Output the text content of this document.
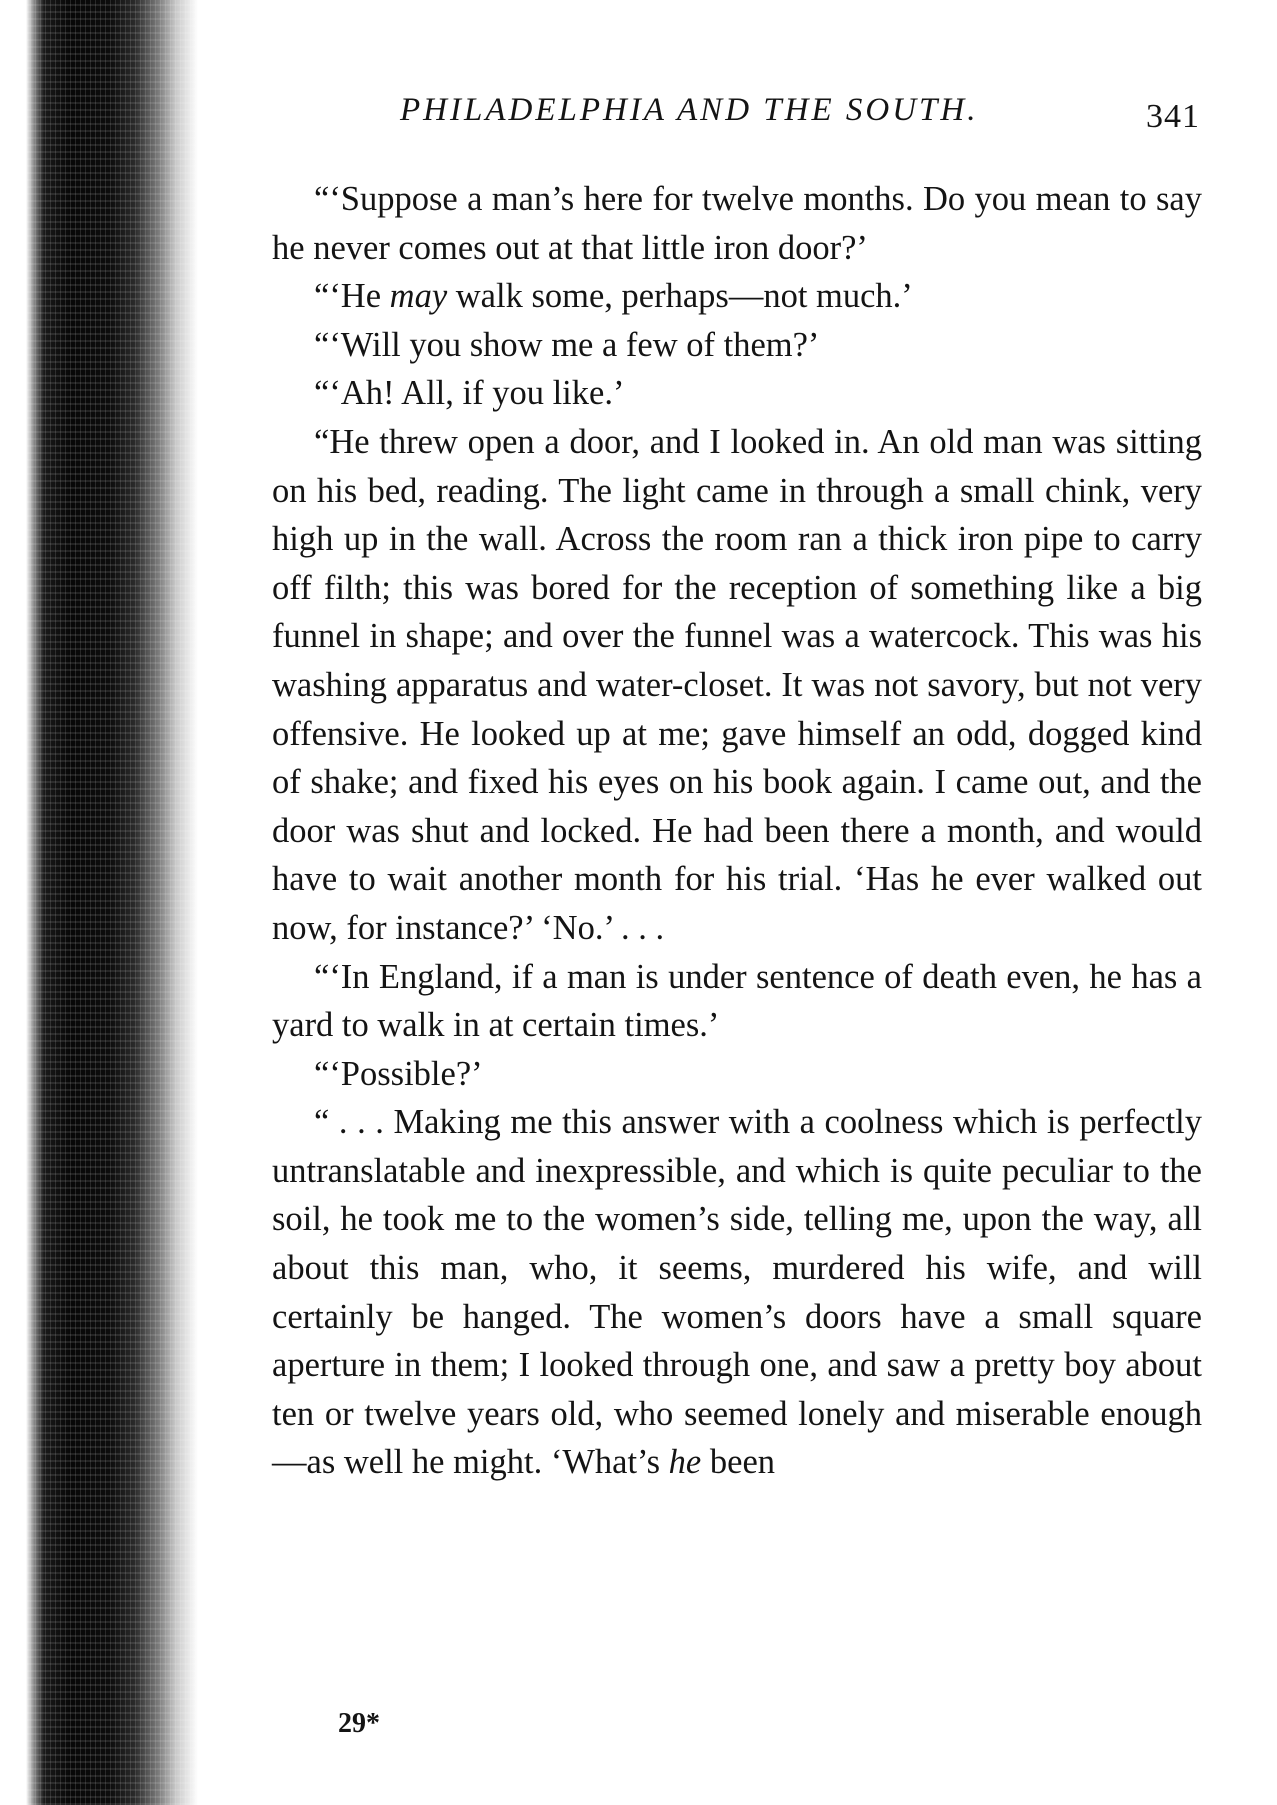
PHILADELPHIA AND THE SOUTH.	341

“‘Suppose a man’s here for twelve months. Do you mean to say he never comes out at that little iron door?’

“‘He may walk some, perhaps—not much.’

“‘Will you show me a few of them?’

“‘Ah! All, if you like.’

“He threw open a door, and I looked in. An old man was sitting on his bed, reading. The light came in through a small chink, very high up in the wall. Across the room ran a thick iron pipe to carry off filth; this was bored for the reception of something like a big funnel in shape; and over the funnel was a watercock. This was his washing apparatus and water-closet. It was not savory, but not very offensive. He looked up at me; gave himself an odd, dogged kind of shake; and fixed his eyes on his book again. I came out, and the door was shut and locked. He had been there a month, and would have to wait another month for his trial. ‘Has he ever walked out now, for instance?’ ‘No.’ . . .

“‘In England, if a man is under sentence of death even, he has a yard to walk in at certain times.’

“‘Possible?’

“ . . . Making me this answer with a coolness which is perfectly untranslatable and inexpressible, and which is quite peculiar to the soil, he took me to the women’s side, telling me, upon the way, all about this man, who, it seems, murdered his wife, and will certainly be hanged. The women’s doors have a small square aperture in them; I looked through one, and saw a pretty boy about ten or twelve years old, who seemed lonely and miserable enough—as well he might. ‘What’s he been

29*
